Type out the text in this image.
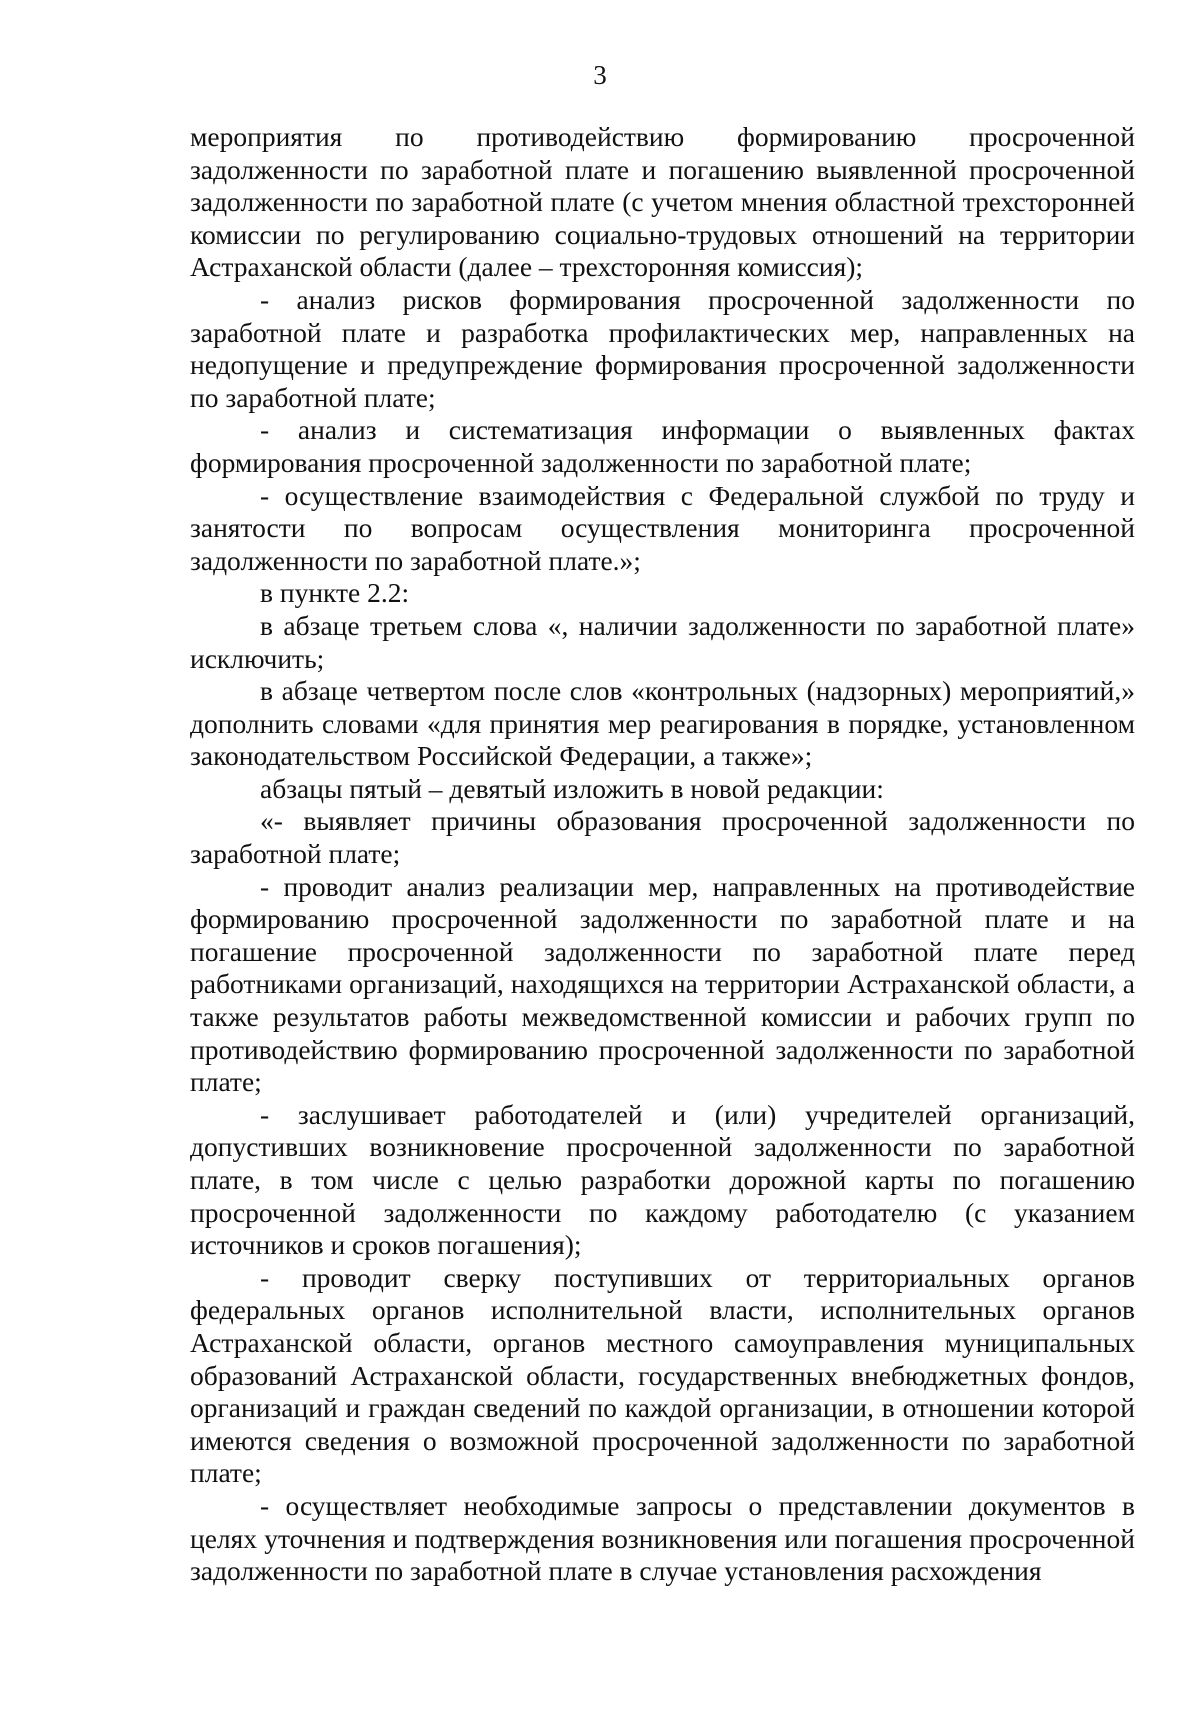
3

мероприятия по противодействию формированию просроченной задолженности по заработной плате и погашению выявленной просроченной задолженности по заработной плате (с учетом мнения областной трехсторонней комиссии по регулированию социально-трудовых отношений на территории Астраханской области (далее – трехсторонняя комиссия);

- анализ рисков формирования просроченной задолженности по заработной плате и разработка профилактических мер, направленных на недопущение и предупреждение формирования просроченной задолженности по заработной плате;

- анализ и систематизация информации о выявленных фактах формирования просроченной задолженности по заработной плате;

- осуществление взаимодействия с Федеральной службой по труду и занятости по вопросам осуществления мониторинга просроченной задолженности по заработной плате.»;

в пункте 2.2:

в абзаце третьем слова «, наличии задолженности по заработной плате» исключить;

в абзаце четвертом после слов «контрольных (надзорных) мероприятий,» дополнить словами «для принятия мер реагирования в порядке, установленном законодательством Российской Федерации, а также»;

абзацы пятый – девятый изложить в новой редакции:

«- выявляет причины образования просроченной задолженности по заработной плате;

- проводит анализ реализации мер, направленных на противодействие формированию просроченной задолженности по заработной плате и на погашение просроченной задолженности по заработной плате перед работниками организаций, находящихся на территории Астраханской области, а также результатов работы межведомственной комиссии и рабочих групп по противодействию формированию просроченной задолженности по заработной плате;

- заслушивает работодателей и (или) учредителей организаций, допустивших возникновение просроченной задолженности по заработной плате, в том числе с целью разработки дорожной карты по погашению просроченной задолженности по каждому работодателю (с указанием источников и сроков погашения);

- проводит сверку поступивших от территориальных органов федеральных органов исполнительной власти, исполнительных органов Астраханской области, органов местного самоуправления муниципальных образований Астраханской области, государственных внебюджетных фондов, организаций и граждан сведений по каждой организации, в отношении которой имеются сведения о возможной просроченной задолженности по заработной плате;

- осуществляет необходимые запросы о представлении документов в целях уточнения и подтверждения возникновения или погашения просроченной задолженности по заработной плате в случае установления расхождения
